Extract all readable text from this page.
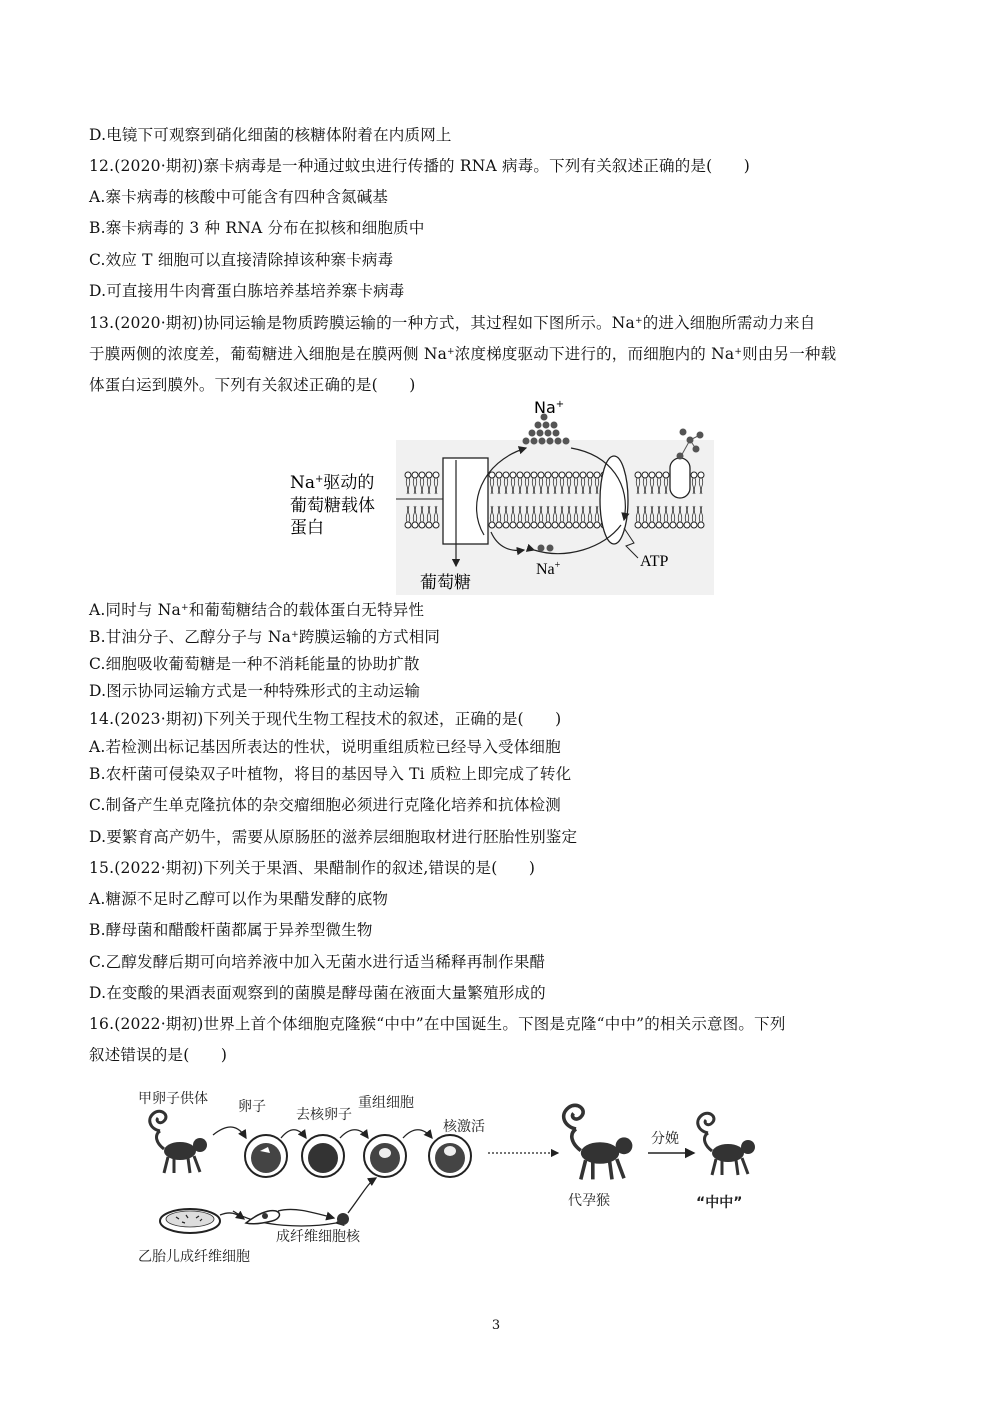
D.电镜下可观察到硝化细菌的核糖体附着在内质网上
12.(2020·期初)寨卡病毒是一种通过蚊虫进行传播的 RNA 病毒。下列有关叙述正确的是(　　)
A.寨卡病毒的核酸中可能含有四种含氮碱基
B.寨卡病毒的 3 种 RNA 分布在拟核和细胞质中
C.效应 T 细胞可以直接清除掉该种寨卡病毒
D.可直接用牛肉膏蛋白胨培养基培养寨卡病毒
13.(2020·期初)协同运输是物质跨膜运输的一种方式，其过程如下图所示。Na+的进入细胞所需动力来自
于膜两侧的浓度差，葡萄糖进入细胞是在膜两侧 Na+浓度梯度驱动下进行的，而细胞内的 Na+则由另一种载
体蛋白运到膜外。下列有关叙述正确的是(　　)
Na+
Na+	ATP
Na+驱动的
葡萄糖载体
蛋白
葡萄糖
A.同时与 Na+和葡萄糖结合的载体蛋白无特异性
B.甘油分子、乙醇分子与 Na+跨膜运输的方式相同
C.细胞吸收葡萄糖是一种不消耗能量的协助扩散
D.图示协同运输方式是一种特殊形式的主动运输
14.(2023·期初)下列关于现代生物工程技术的叙述，正确的是(　　)
A.若检测出标记基因所表达的性状，说明重组质粒已经导入受体细胞
B.农杆菌可侵染双子叶植物，将目的基因导入 Ti 质粒上即完成了转化
C.制备产生单克隆抗体的杂交瘤细胞必须进行克隆化培养和抗体检测
D.要繁育高产奶牛，需要从原肠胚的滋养层细胞取材进行胚胎性别鉴定
15.(2022·期初)下列关于果酒、果醋制作的叙述,错误的是(　　)
A.糖源不足时乙醇可以作为果醋发酵的底物
B.酵母菌和醋酸杆菌都属于异养型微生物
C.乙醇发酵后期可向培养液中加入无菌水进行适当稀释再制作果醋
D.在变酸的果酒表面观察到的菌膜是酵母菌在液面大量繁殖形成的
16.(2022·期初)世界上首个体细胞克隆猴“中中”在中国诞生。下图是克隆“中中”的相关示意图。下列
叙述错误的是(　　)
甲卵子供体 卵子 去核卵子
重组细胞
核激活
分娩
代孕猴	“中中”
成纤维细胞核
乙胎儿成纤维细胞
3
